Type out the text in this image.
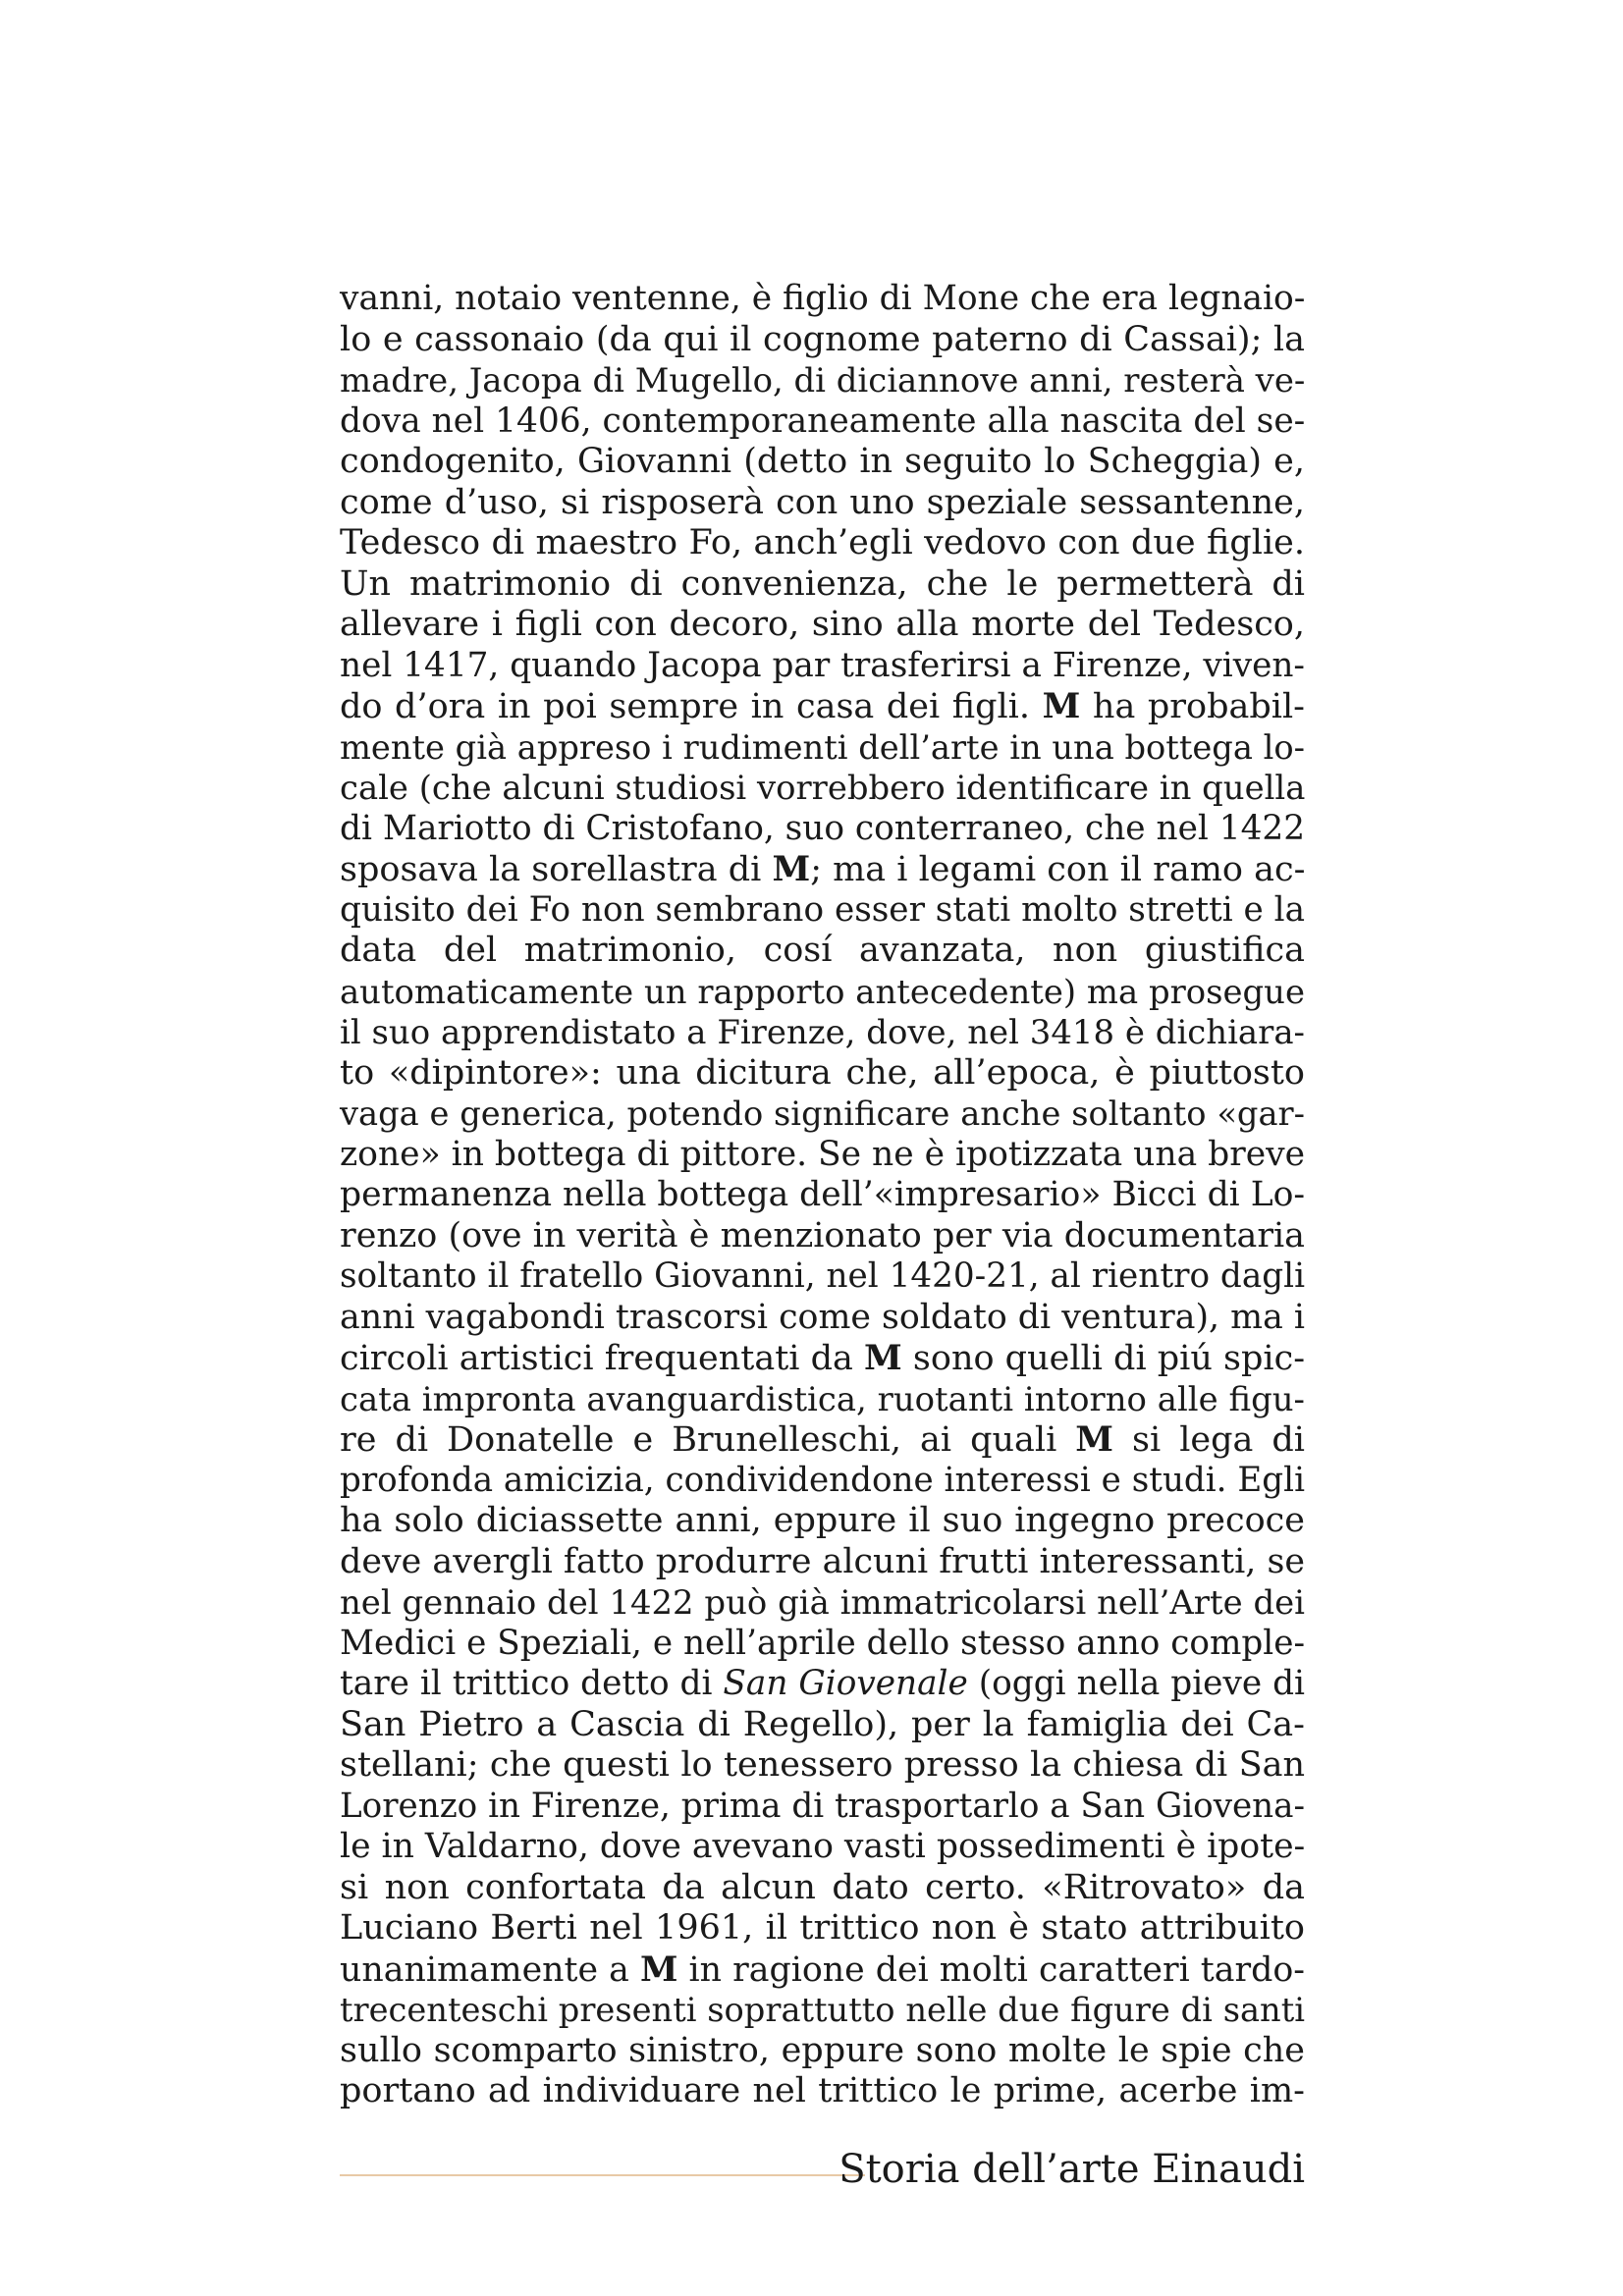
vanni, notaio ventenne, è figlio di Mone che era legnaio-
lo e cassonaio (da qui il cognome paterno di Cassai); la
madre, Jacopa di Mugello, di diciannove anni, resterà ve-
dova nel 1406, contemporaneamente alla nascita del se-
condogenito, Giovanni (detto in seguito lo Scheggia) e,
come d’uso, si risposerà con uno speziale sessantenne,
Tedesco di maestro Fo, anch’egli vedovo con due figlie.
Un matrimonio di convenienza, che le permetterà di
allevare i figli con decoro, sino alla morte del Tedesco,
nel 1417, quando Jacopa par trasferirsi a Firenze, viven-
do d’ora in poi sempre in casa dei figli. M ha probabil-
mente già appreso i rudimenti dell’arte in una bottega lo-
cale (che alcuni studiosi vorrebbero identificare in quella
di Mariotto di Cristofano, suo conterraneo, che nel 1422
sposava la sorellastra di M; ma i legami con il ramo ac-
quisito dei Fo non sembrano esser stati molto stretti e la
data del matrimonio, cosí avanzata, non giustifica
automaticamente un rapporto antecedente) ma prosegue
il suo apprendistato a Firenze, dove, nel 3418 è dichiara-
to «dipintore»: una dicitura che, all’epoca, è piuttosto
vaga e generica, potendo significare anche soltanto «gar-
zone» in bottega di pittore. Se ne è ipotizzata una breve
permanenza nella bottega dell’«impresario» Bicci di Lo-
renzo (ove in verità è menzionato per via documentaria
soltanto il fratello Giovanni, nel 1420-21, al rientro dagli
anni vagabondi trascorsi come soldato di ventura), ma i
circoli artistici frequentati da M sono quelli di piú spic-
cata impronta avanguardistica, ruotanti intorno alle figu-
re di Donatelle e Brunelleschi, ai quali M si lega di
profonda amicizia, condividendone interessi e studi. Egli
ha solo diciassette anni, eppure il suo ingegno precoce
deve avergli fatto produrre alcuni frutti interessanti, se
nel gennaio del 1422 può già immatricolarsi nell’Arte dei
Medici e Speziali, e nell’aprile dello stesso anno comple-
tare il trittico detto di San Giovenale (oggi nella pieve di
San Pietro a Cascia di Regello), per la famiglia dei Ca-
stellani; che questi lo tenessero presso la chiesa di San
Lorenzo in Firenze, prima di trasportarlo a San Giovena-
le in Valdarno, dove avevano vasti possedimenti è ipote-
si non confortata da alcun dato certo. «Ritrovato» da
Luciano Berti nel 1961, il trittico non è stato attribuito
unanimamente a M in ragione dei molti caratteri tardo-
trecenteschi presenti soprattutto nelle due figure di santi
sullo scomparto sinistro, eppure sono molte le spie che
portano ad individuare nel trittico le prime, acerbe im-
Storia dell’arte Einaudi
